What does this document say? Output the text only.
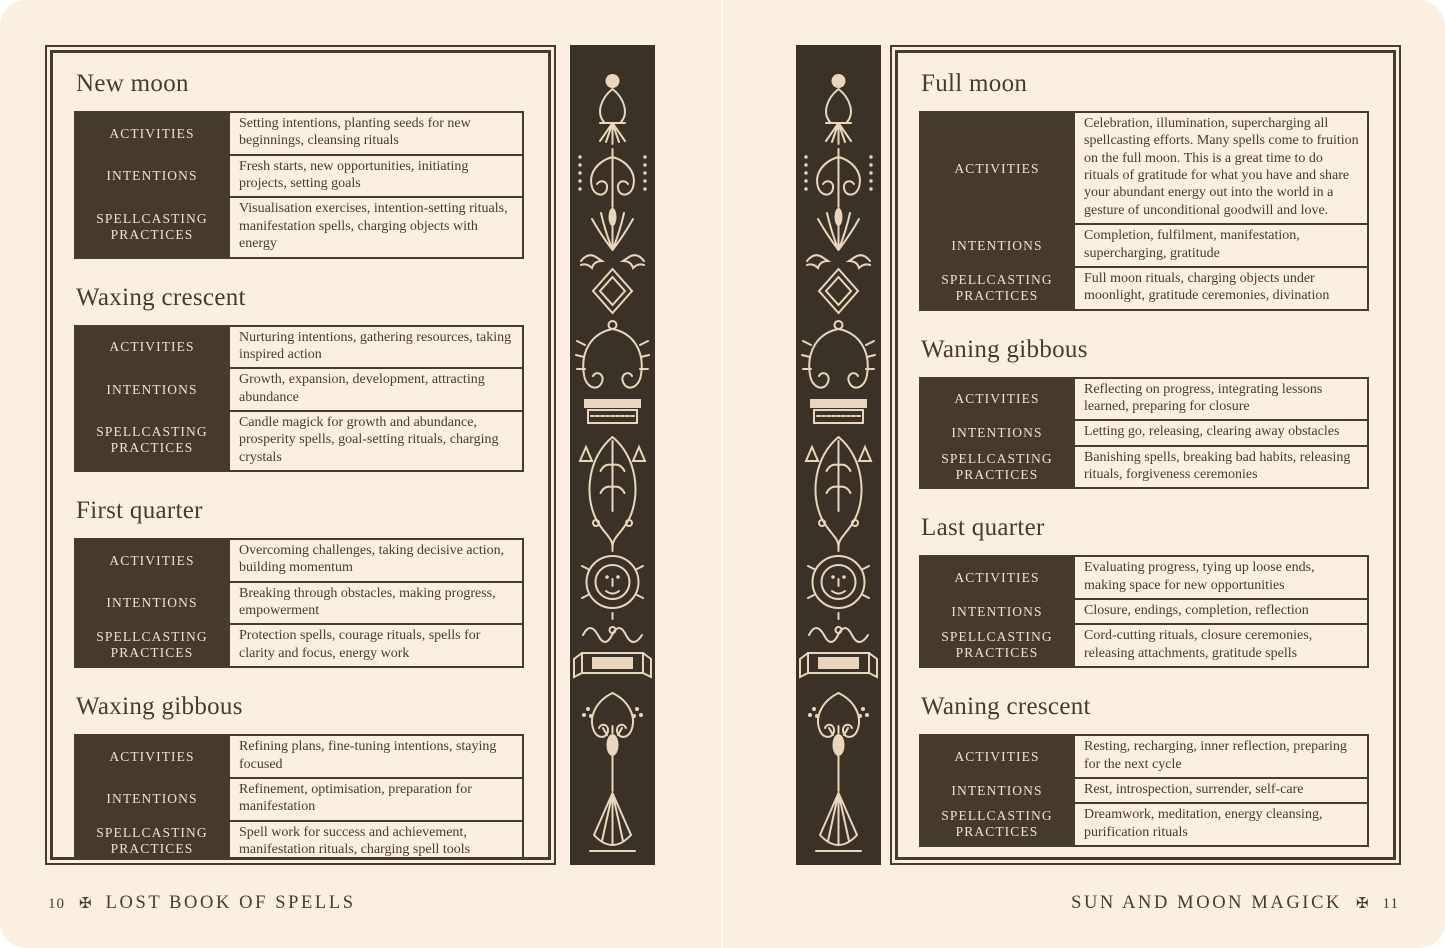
New moon
ACTIVITIES	Setting intentions, planting seeds for new beginnings, cleansing rituals
INTENTIONS	Fresh starts, new opportunities, initiating projects, setting goals
SPELLCASTING PRACTICES	Visualisation exercises, intention-setting rituals, manifestation spells, charging objects with energy
Waxing crescent
ACTIVITIES	Nurturing intentions, gathering resources, taking inspired action
INTENTIONS	Growth, expansion, development, attracting abundance
SPELLCASTING PRACTICES	Candle magick for growth and abundance, prosperity spells, goal-setting rituals, charging crystals
First quarter
ACTIVITIES	Overcoming challenges, taking decisive action, building momentum
INTENTIONS	Breaking through obstacles, making progress, empowerment
SPELLCASTING PRACTICES	Protection spells, courage rituals, spells for clarity and focus, energy work
Waxing gibbous
ACTIVITIES	Refining plans, fine-tuning intentions, staying focused
INTENTIONS	Refinement, optimisation, preparation for manifestation
SPELLCASTING PRACTICES	Spell work for success and achievement, manifestation rituals, charging spell tools
Full moon
ACTIVITIES	Celebration, illumination, supercharging all spellcasting efforts. Many spells come to fruition on the full moon. This is a great time to do rituals of gratitude for what you have and share your abundant energy out into the world in a gesture of unconditional goodwill and love.
INTENTIONS	Completion, fulfilment, manifestation, supercharging, gratitude
SPELLCASTING PRACTICES	Full moon rituals, charging objects under moonlight, gratitude ceremonies, divination
Waning gibbous
ACTIVITIES	Reflecting on progress, integrating lessons learned, preparing for closure
INTENTIONS	Letting go, releasing, clearing away obstacles
SPELLCASTING PRACTICES	Banishing spells, breaking bad habits, releasing rituals, forgiveness ceremonies
Last quarter
ACTIVITIES	Evaluating progress, tying up loose ends, making space for new opportunities
INTENTIONS	Closure, endings, completion, reflection
SPELLCASTING PRACTICES	Cord-cutting rituals, closure ceremonies, releasing attachments, gratitude spells
Waning crescent
ACTIVITIES	Resting, recharging, inner reflection, preparing for the next cycle
INTENTIONS	Rest, introspection, surrender, self-care
SPELLCASTING PRACTICES	Dreamwork, meditation, energy cleansing, purification rituals
10 ✠ LOST BOOK OF SPELLS	SUN AND MOON MAGICK ✠ 11
